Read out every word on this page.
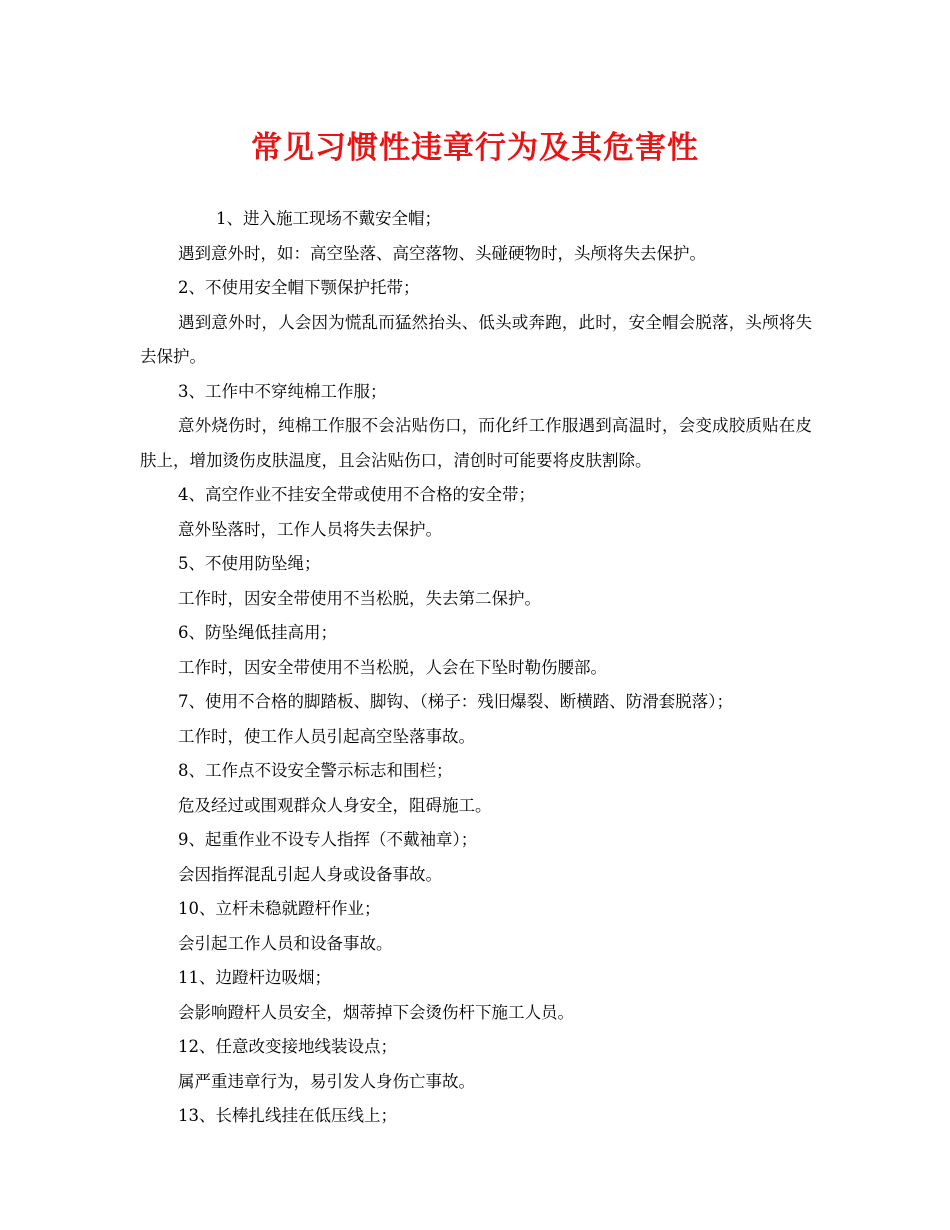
常见习惯性违章行为及其危害性

1、进入施工现场不戴安全帽；

遇到意外时，如：高空坠落、高空落物、头碰硬物时，头颅将失去保护。

2、不使用安全帽下颚保护托带；

遇到意外时，人会因为慌乱而猛然抬头、低头或奔跑，此时，安全帽会脱落，头颅将失去保护。

3、工作中不穿纯棉工作服；

意外烧伤时，纯棉工作服不会沾贴伤口，而化纤工作服遇到高温时，会变成胶质贴在皮肤上，增加烫伤皮肤温度，且会沾贴伤口，清创时可能要将皮肤割除。

4、高空作业不挂安全带或使用不合格的安全带；

意外坠落时，工作人员将失去保护。

5、不使用防坠绳；

工作时，因安全带使用不当松脱，失去第二保护。

6、防坠绳低挂高用；

工作时，因安全带使用不当松脱，人会在下坠时勒伤腰部。

7、使用不合格的脚踏板、脚钩、（梯子：残旧爆裂、断横踏、防滑套脱落）；

工作时，使工作人员引起高空坠落事故。

8、工作点不设安全警示标志和围栏；

危及经过或围观群众人身安全，阻碍施工。

9、起重作业不设专人指挥（不戴袖章）；

会因指挥混乱引起人身或设备事故。

10、立杆未稳就蹬杆作业；

会引起工作人员和设备事故。

11、边蹬杆边吸烟；

会影响蹬杆人员安全，烟蒂掉下会烫伤杆下施工人员。

12、任意改变接地线装设点；

属严重违章行为，易引发人身伤亡事故。

13、长棒扎线挂在低压线上；
